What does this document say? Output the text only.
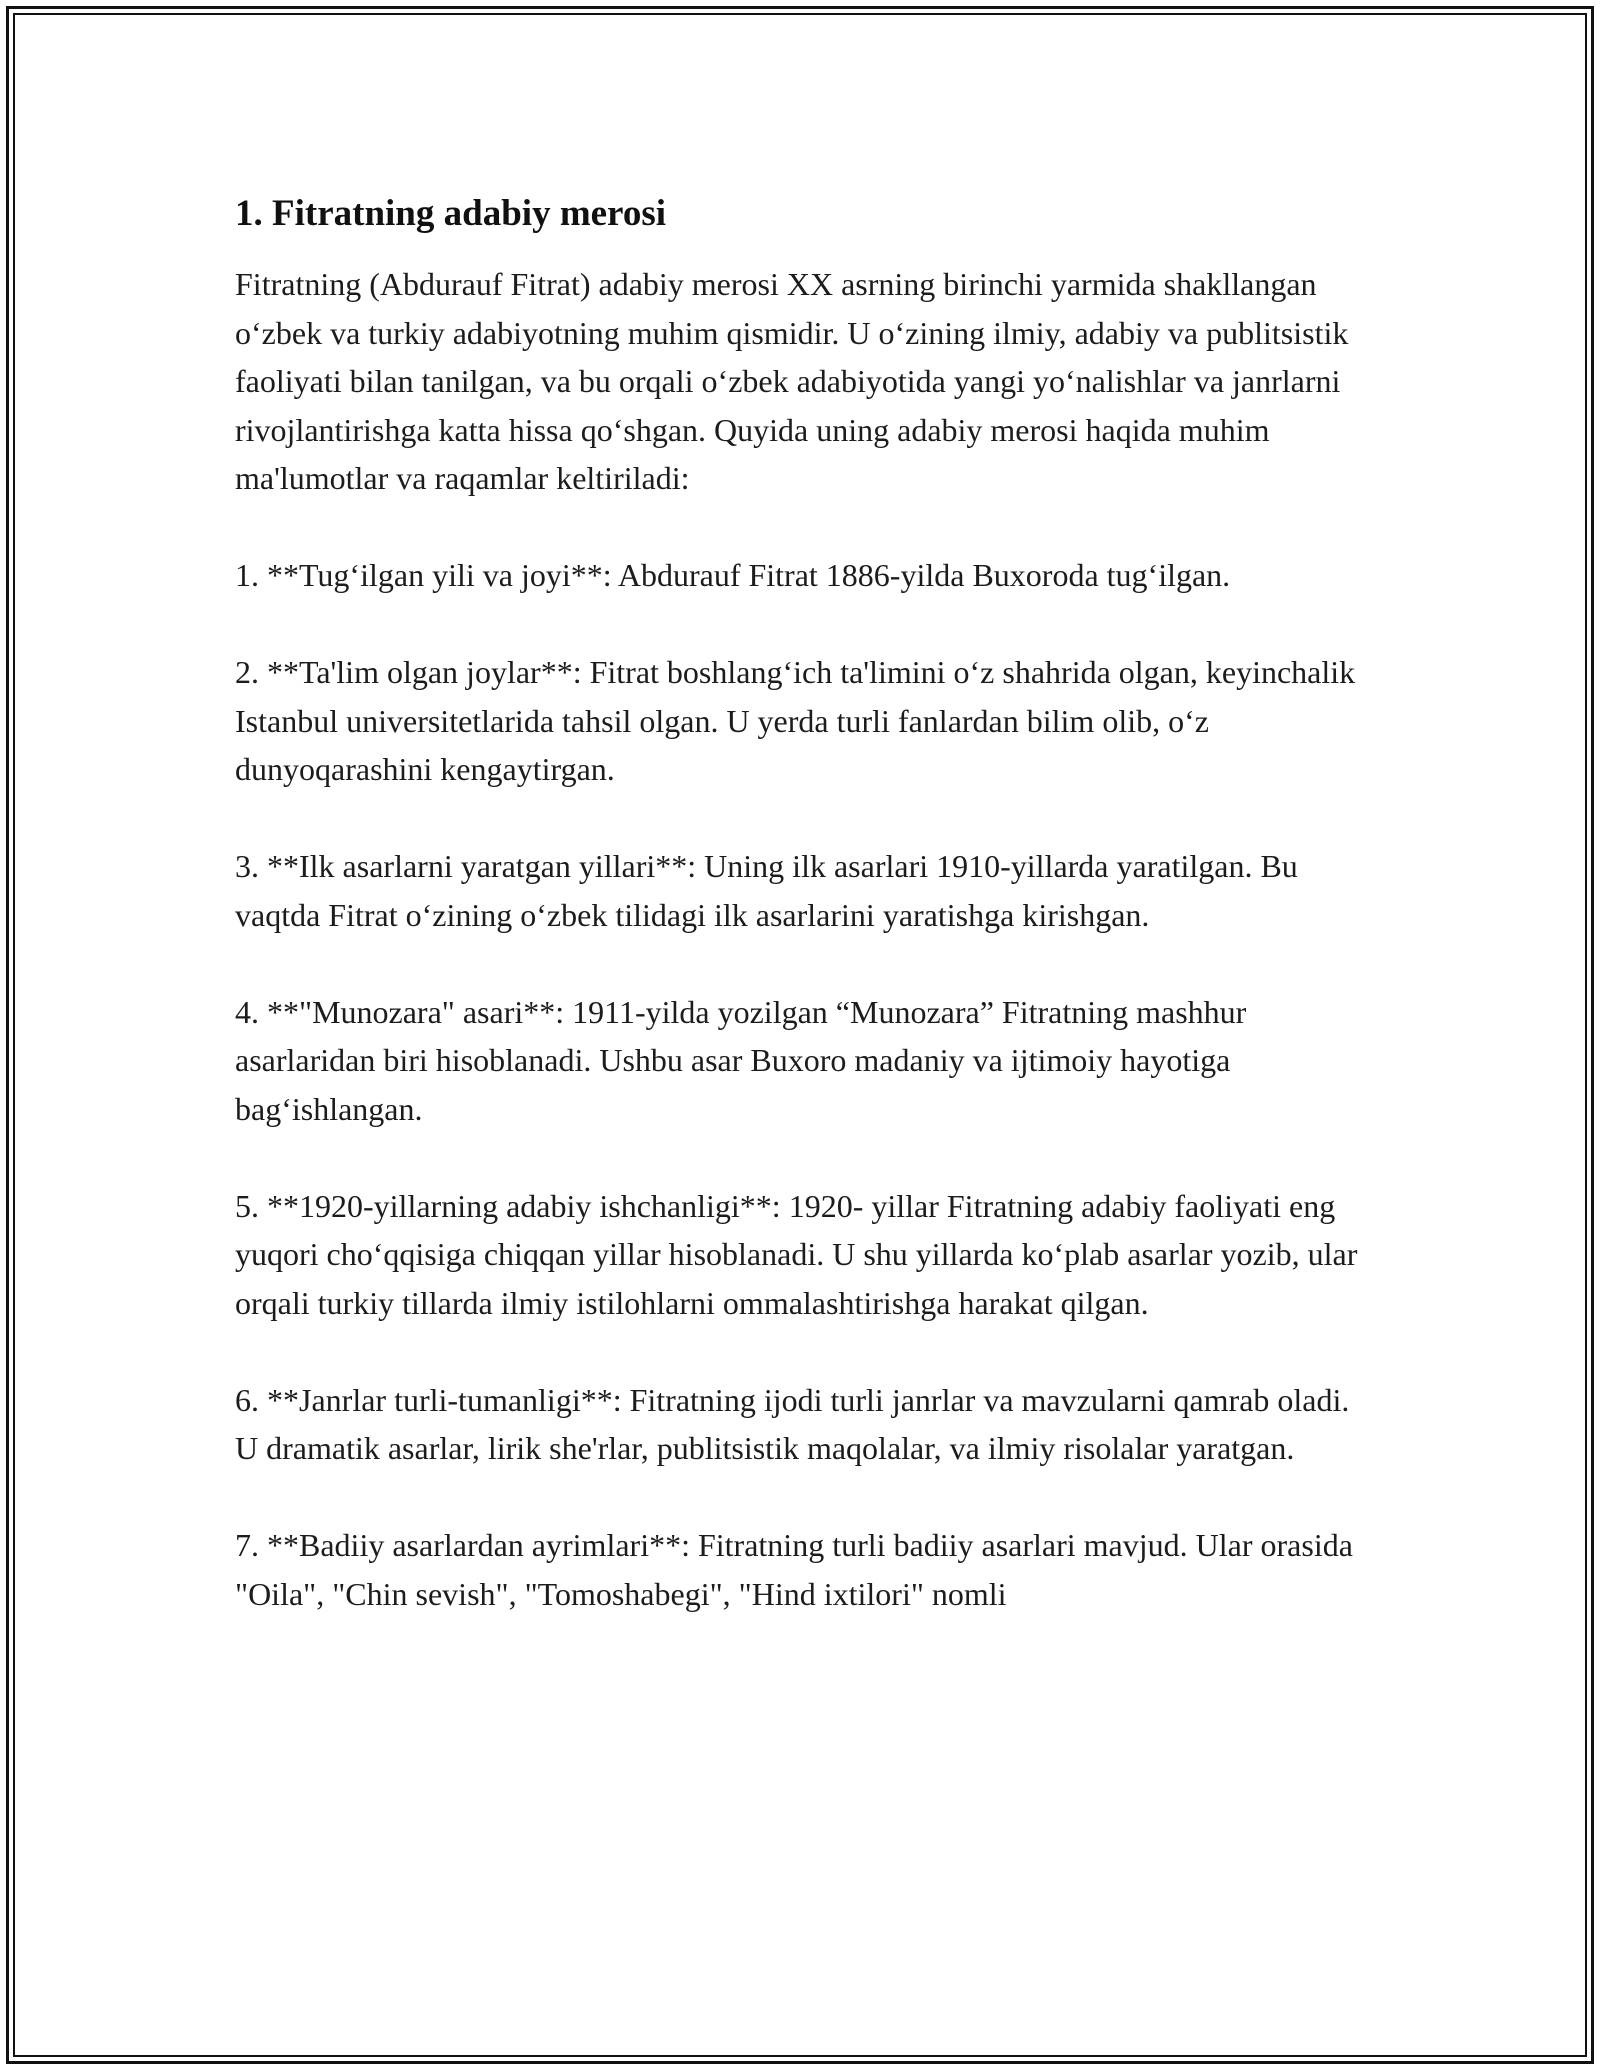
1. Fitratning adabiy merosi

Fitratning (Abdurauf Fitrat) adabiy merosi XX asrning birinchi yarmida shakllangan o‘zbek va turkiy adabiyotning muhim qismidir. U o‘zining ilmiy, adabiy va publitsistik faoliyati bilan tanilgan, va bu orqali o‘zbek adabiyotida yangi yo‘nalishlar va janrlarni rivojlantirishga katta hissa qo‘shgan. Quyida uning adabiy merosi haqida muhim ma'lumotlar va raqamlar keltiriladi:

1. **Tug‘ilgan yili va joyi**: Abdurauf Fitrat 1886-yilda Buxoroda tug‘ilgan.

2. **Ta'lim olgan joylar**: Fitrat boshlang‘ich ta'limini o‘z shahrida olgan, keyinchalik Istanbul universitetlarida tahsil olgan. U yerda turli fanlardan bilim olib, o‘z dunyoqarashini kengaytirgan.

3. **Ilk asarlarni yaratgan yillari**: Uning ilk asarlari 1910-yillarda yaratilgan. Bu vaqtda Fitrat o‘zining o‘zbek tilidagi ilk asarlarini yaratishga kirishgan.

4. **"Munozara" asari**: 1911-yilda yozilgan “Munozara” Fitratning mashhur asarlaridan biri hisoblanadi. Ushbu asar Buxoro madaniy va ijtimoiy hayotiga bag‘ishlangan.

5. **1920-yillarning adabiy ishchanligi**: 1920- yillar Fitratning adabiy faoliyati eng yuqori cho‘qqisiga chiqqan yillar hisoblanadi. U shu yillarda ko‘plab asarlar yozib, ular orqali turkiy tillarda ilmiy istilohlarni ommalashtirishga harakat qilgan.

6. **Janrlar turli-tumanligi**: Fitratning ijodi turli janrlar va mavzularni qamrab oladi. U dramatik asarlar, lirik she'rlar, publitsistik maqolalar, va ilmiy risolalar yaratgan.

7. **Badiiy asarlardan ayrimlari**: Fitratning turli badiiy asarlari mavjud. Ular orasida "Oila", "Chin sevish", "Tomoshabegi", "Hind ixtilori" nomli
